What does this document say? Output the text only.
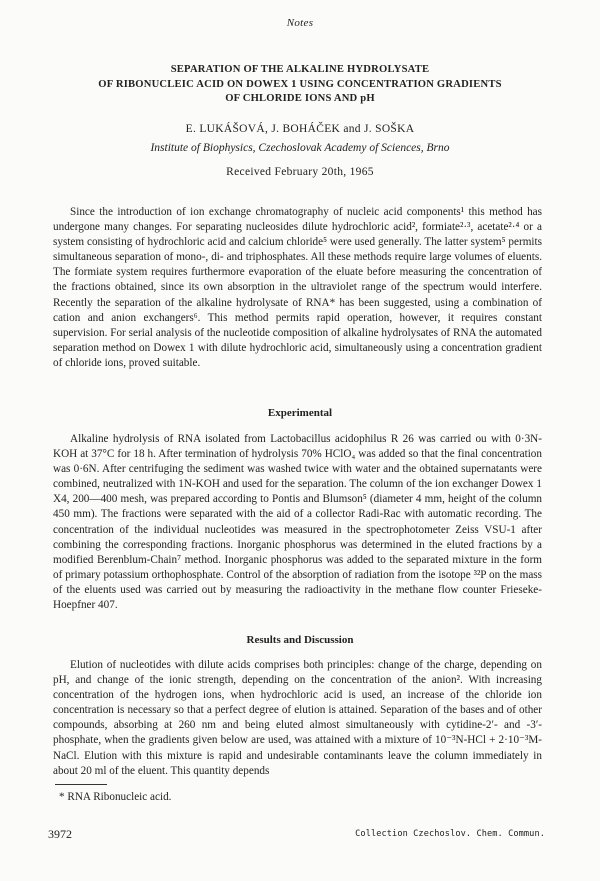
Notes
SEPARATION OF THE ALKALINE HYDROLYSATE
OF RIBONUCLEIC ACID ON DOWEX 1 USING CONCENTRATION GRADIENTS
OF CHLORIDE IONS AND pH
E. LUKÁŠOVÁ, J. BOHÁČEK and J. SOŠKA
Institute of Biophysics, Czechoslovak Academy of Sciences, Brno
Received February 20th, 1965

Since the introduction of ion exchange chromatography of nucleic acid components¹ this method has undergone many changes. For separating nucleosides dilute hydrochloric acid², formiate²·³, acetate²·⁴ or a system consisting of hydrochloric acid and calcium chloride⁵ were used generally. The latter system⁵ permits simultaneous separation of mono-, di- and triphosphates. All these methods require large volumes of eluents. The formiate system requires furthermore evaporation of the eluate before measuring the concentration of the fractions obtained, since its own absorption in the ultraviolet range of the spectrum would interfere. Recently the separation of the alkaline hydrolysate of RNA* has been suggested, using a combination of cation and anion exchangers⁶. This method permits rapid operation, however, it requires constant supervision. For serial analysis of the nucleotide composition of alkaline hydrolysates of RNA the automated separation method on Dowex 1 with dilute hydrochloric acid, simultaneously using a concentration gradient of chloride ions, proved suitable.

Experimental

Alkaline hydrolysis of RNA isolated from Lactobacillus acidophilus R 26 was carried ou with 0·3N-KOH at 37°C for 18 h. After termination of hydrolysis 70% HClO₄ was added so that the final concentration was 0·6N. After centrifuging the sediment was washed twice with water and the obtained supernatants were combined, neutralized with 1N-KOH and used for the separation. The column of the ion exchanger Dowex 1 X4, 200—400 mesh, was prepared according to Pontis and Blumson⁵ (diameter 4 mm, height of the column 450 mm). The fractions were separated with the aid of a collector Radi-Rac with automatic recording. The concentration of the individual nucleotides was measured in the spectrophotometer Zeiss VSU-1 after combining the corresponding fractions. Inorganic phosphorus was determined in the eluted fractions by a modified Berenblum-Chain⁷ method. Inorganic phosphorus was added to the separated mixture in the form of primary potassium orthophosphate. Control of the absorption of radiation from the isotope ³²P on the mass of the eluents used was carried out by measuring the radioactivity in the methane flow counter Frieseke-Hoepfner 407.

Results and Discussion

Elution of nucleotides with dilute acids comprises both principles: change of the charge, depending on pH, and change of the ionic strength, depending on the concentration of the anion². With increasing concentration of the hydrogen ions, when hydrochloric acid is used, an increase of the chloride ion concentration is necessary so that a perfect degree of elution is attained. Separation of the bases and of other compounds, absorbing at 260 nm and being eluted almost simultaneously with cytidine-2′- and -3′-phosphate, when the gradients given below are used, was attained with a mixture of 10⁻³N-HCl + 2·10⁻³M-NaCl. Elution with this mixture is rapid and undesirable contaminants leave the column immediately in about 20 ml of the eluent. This quantity depends

* RNA Ribonucleic acid.
3972	Collection Czechoslov. Chem. Commun.
